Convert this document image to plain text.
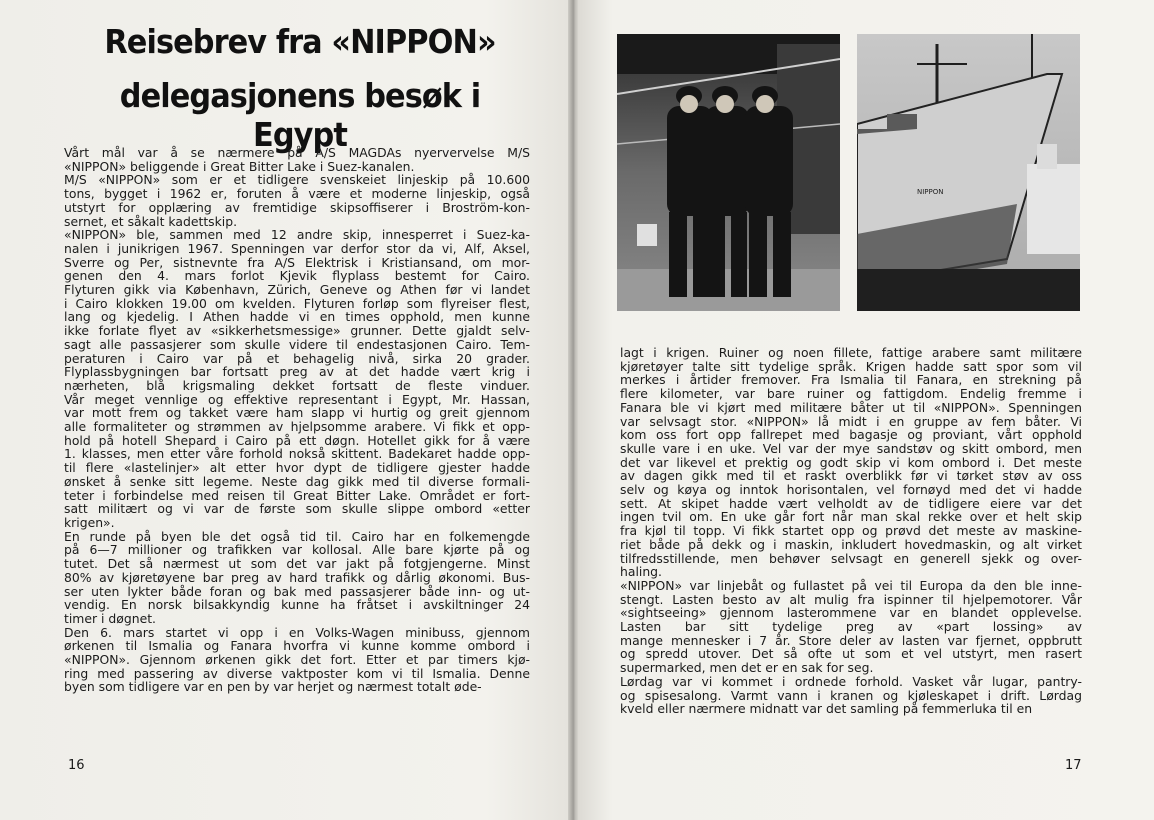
Reisebrev fra «NIPPON»
delegasjonens besøk i Egypt
Vårt mål var å se nærmere på A/S MAGDAs nyervervelse M/S
«NIPPON» beliggende i Great Bitter Lake i Suez-kanalen.
M/S «NIPPON» som er et tidligere svenskeiet linjeskip på 10.600
tons, bygget i 1962 er, foruten å være et moderne linjeskip, også
utstyrt for opplæring av fremtidige skipsoffiserer i Broström-kon-
sernet, et såkalt kadettskip.
«NIPPON» ble, sammen med 12 andre skip, innesperret i Suez-ka-
nalen i junikrigen 1967. Spenningen var derfor stor da vi, Alf, Aksel,
Sverre og Per, sistnevnte fra A/S Elektrisk i Kristiansand, om mor-
genen den 4. mars forlot Kjevik flyplass bestemt for Cairo.
Flyturen gikk via København, Zürich, Geneve og Athen før vi landet
i Cairo klokken 19.00 om kvelden. Flyturen forløp som flyreiser flest,
lang og kjedelig. I Athen hadde vi en times opphold, men kunne
ikke forlate flyet av «sikkerhetsmessige» grunner. Dette gjaldt selv-
sagt alle passasjerer som skulle videre til endestasjonen Cairo. Tem-
peraturen i Cairo var på et behagelig nivå, sirka 20 grader.
Flyplassbygningen bar fortsatt preg av at det hadde vært krig i
nærheten, blå krigsmaling dekket fortsatt de fleste vinduer.
Vår meget vennlige og effektive representant i Egypt, Mr. Hassan,
var mott frem og takket være ham slapp vi hurtig og greit gjennom
alle formaliteter og strømmen av hjelpsomme arabere. Vi fikk et opp-
hold på hotell Shepard i Cairo på ett døgn. Hotellet gikk for å være
1. klasses, men etter våre forhold nokså skittent. Badekaret hadde opp-
til flere «lastelinjer» alt etter hvor dypt de tidligere gjester hadde
ønsket å senke sitt legeme. Neste dag gikk med til diverse formali-
teter i forbindelse med reisen til Great Bitter Lake. Området er fort-
satt militært og vi var de første som skulle slippe ombord «etter
krigen».
En runde på byen ble det også tid til. Cairo har en folkemengde
på 6—7 millioner og trafikken var kollosal. Alle bare kjørte på og
tutet. Det så nærmest ut som det var jakt på fotgjengerne. Minst
80% av kjøretøyene bar preg av hard trafikk og dårlig økonomi. Bus-
ser uten lykter både foran og bak med passasjerer både inn- og ut-
vendig. En norsk bilsakkyndig kunne ha fråtset i avskiltninger 24
timer i døgnet.
Den 6. mars startet vi opp i en Volks-Wagen minibuss, gjennom
ørkenen til Ismalia og Fanara hvorfra vi kunne komme ombord i
«NIPPON». Gjennom ørkenen gikk det fort. Etter et par timers kjø-
ring med passering av diverse vaktposter kom vi til Ismalia. Denne
byen som tidligere var en pen by var herjet og nærmest totalt øde-
16
lagt i krigen. Ruiner og noen fillete, fattige arabere samt militære
kjøretøyer talte sitt tydelige språk. Krigen hadde satt spor som vil
merkes i årtider fremover. Fra Ismalia til Fanara, en strekning på
flere kilometer, var bare ruiner og fattigdom. Endelig fremme i
Fanara ble vi kjørt med militære båter ut til «NIPPON». Spenningen
var selvsagt stor. «NIPPON» lå midt i en gruppe av fem båter. Vi
kom oss fort opp fallrepet med bagasje og proviant, vårt opphold
skulle vare i en uke. Vel var der mye sandstøv og skitt ombord, men
det var likevel et prektig og godt skip vi kom ombord i. Det meste
av dagen gikk med til et raskt overblikk før vi tørket støv av oss
selv og køya og inntok horisontalen, vel fornøyd med det vi hadde
sett. At skipet hadde vært velholdt av de tidligere eiere var det
ingen tvil om. En uke går fort når man skal rekke over et helt skip
fra kjøl til topp. Vi fikk startet opp og prøvd det meste av maskine-
riet både på dekk og i maskin, inkludert hovedmaskin, og alt virket
tilfredsstillende, men behøver selvsagt en generell sjekk og over-
haling.
«NIPPON» var linjebåt og fullastet på vei til Europa da den ble inne-
stengt. Lasten besto av alt mulig fra ispinner til hjelpemotorer. Vår
«sightseeing» gjennom lasterommene var en blandet opplevelse.
Lasten bar sitt tydelige preg av «part lossing» av
mange mennesker i 7 år. Store deler av lasten var fjernet, oppbrutt
og spredd utover. Det så ofte ut som et vel utstyrt, men rasert
supermarked, men det er en sak for seg.
Lørdag var vi kommet i ordnede forhold. Vasket vår lugar, pantry-
og spisesalong. Varmt vann i kranen og kjøleskapet i drift. Lørdag
kveld eller nærmere midnatt var det samling på femmerluka til en
17
NIPPON
